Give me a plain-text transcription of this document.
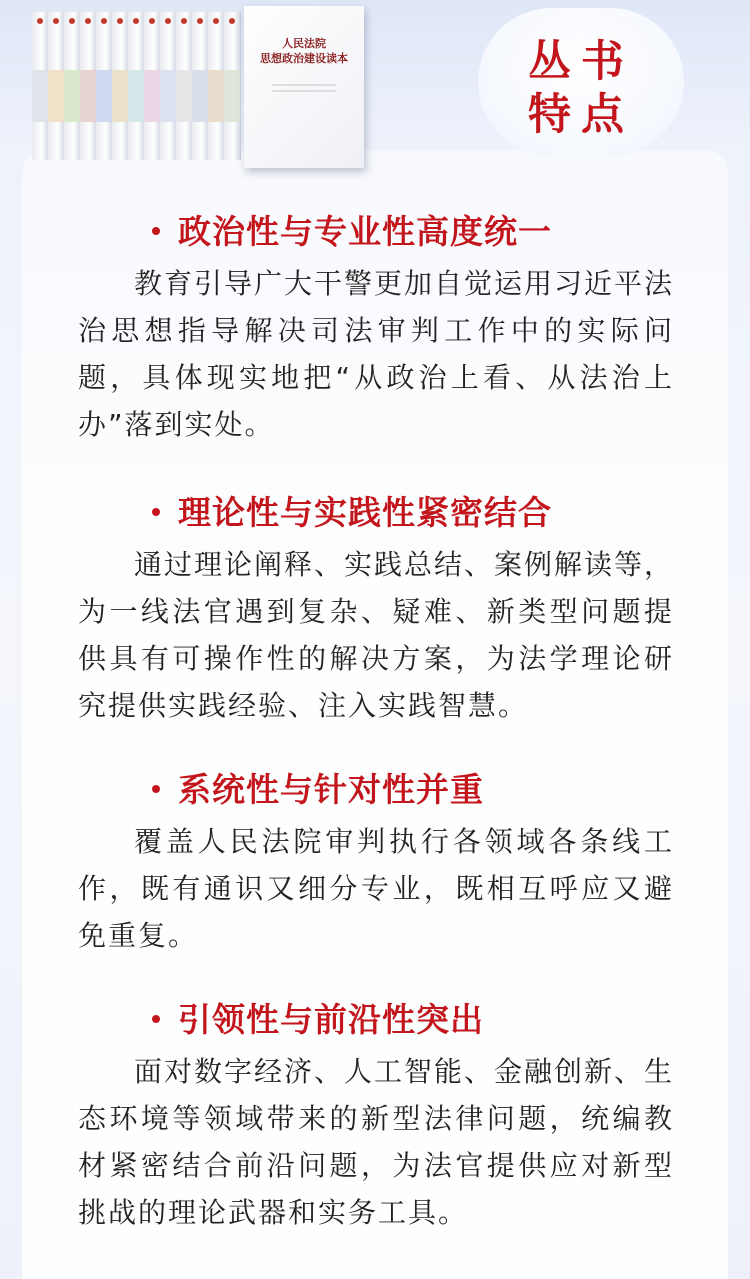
人民法院
思想政治建设读本	丛书
特点
政治性与专业性高度统一
教育引导广大干警更加自觉运用习近平法治思想指导解决司法审判工作中的实际问题，具体现实地把“从政治上看、从法治上办”落到实处。
理论性与实践性紧密结合
通过理论阐释、实践总结、案例解读等，为一线法官遇到复杂、疑难、新类型问题提供具有可操作性的解决方案，为法学理论研究提供实践经验、注入实践智慧。
系统性与针对性并重
覆盖人民法院审判执行各领域各条线工作，既有通识又细分专业，既相互呼应又避免重复。
引领性与前沿性突出
面对数字经济、人工智能、金融创新、生态环境等领域带来的新型法律问题，统编教材紧密结合前沿问题，为法官提供应对新型挑战的理论武器和实务工具。
